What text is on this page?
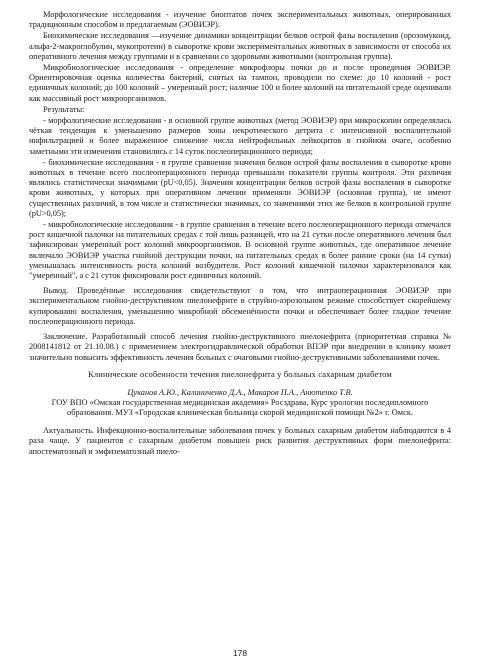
Морфологические исследования - изучение биоптатов почек экспериментальных животных, оперированных традиционным способом и предлагаемым (ЭОВИЭР).

Биохимические исследования —изучение динамики концентрации белков острой фазы воспаления (орозомукоид, альфа-2-макроглобулин, мукопротеин) в сыворотке крови экспериментальных животных в зависимости от способа их оперативного лечения между группами и в сравнении со здоровыми животными (контрольная группа).

Микробиологические исследования - определение микрофлоры почки до и после проведения ЭОВИЭР. Ориентировочная оценка количества бактерий, снятых на тампон, проводили по схеме: до 10 колоний - рост единичных колоний; до 100 колоний – умеренный рост; наличие 100 и более колоний на питательной среде оценивали как массивный рост микроорганизмов.

Результаты:

- морфологические исследования - в основной группе животных (метод ЭОВИЭР) при микроскопии определялась чёткая тенденция к уменьшению размеров зоны некротического детрита с интенсивной воспалительной инфильтрацией и более выраженное снижение числа нейтрофильных лейкоцитов в гнойном очаге, особенно заметными эти изменения становились с 14 суток послеоперационного периода;

- биохимические исследования - в группе сравнения значения белков острой фазы воспаления в сыворотке крови животных в течение всего послеоперационного периода превышали показатели группы контроля. Эти различия являлись статистически значимыми (рU<0,05). Значения концентрации белков острой фазы воспаления в сыворотке крови животных, у которых при оперативном лечении применяли ЭОВИЭР (основная группа), не имеют существенных различий, в том числе и статистически значимых, со значениями этих же белков в контрольной группе (рU>0,05);

- микробиологические исследования - в группе сравнения в течение всего послеоперационного периода отмечался рост кишечной палочки на питательных средах с той лишь разницей, что на 21 сутки после оперативного лечения был зафиксирован умеренный рост колоний микроорганизмов. В основной группе животных, где оперативное лечение включало ЭОВИЭР участка гнойной деструкции почки, на питательных средах в более ранние сроки (на 14 сутки) уменьшалась интенсивность роста колоний возбудителя. Рост колоний кишечной палочки характеризовался как "умеренный", а с 21 суток фиксировали рост единичных колоний.

Вывод. Проведённые исследования свидетельствуют о том, что интраоперационная ЭОВИЭР при экспериментальном гнойно-деструктивном пиелонефрите в струйно-аэрозольном режиме способствует скорейшему купированию воспаления, уменьшению микробной обсеменённости почки и обеспечивает более гладкое течение послеоперационного периода.

Заключение. Разработанный способ лечения гнойно-деструктивного пиелонефрита (приоритетная справка № 2008141812 от 21.10.08.) с применением электрогидравлической обработки ВПЭР при внедрении в клинику может значительно повысить эффективность лечения больных с очаговыми гнойно-деструктивными заболеваниями почек.

Клинические особенности течения пиелонефрита у больных сахарным диабетом
Цуканов А.Ю., Калиниченко Д.А., Макаров П.А., Анютенко Т.В.
ГОУ ВПО «Омская государственная медицинская академия» Росздрава, Курс урологии последипломного образования. МУЗ «Городская клиническая больница скорой медицинской помощи №2» г. Омск.

Актуальность. Инфекционно-воспалительные заболевания почек у больных сахарным диабетом наблюдаются в 4 раза чаще. У пациентов с сахарным диабетом повышен риск развития деструктивных форм пиелонефрита: апостематозный и эмфизематозный пиело-

178
